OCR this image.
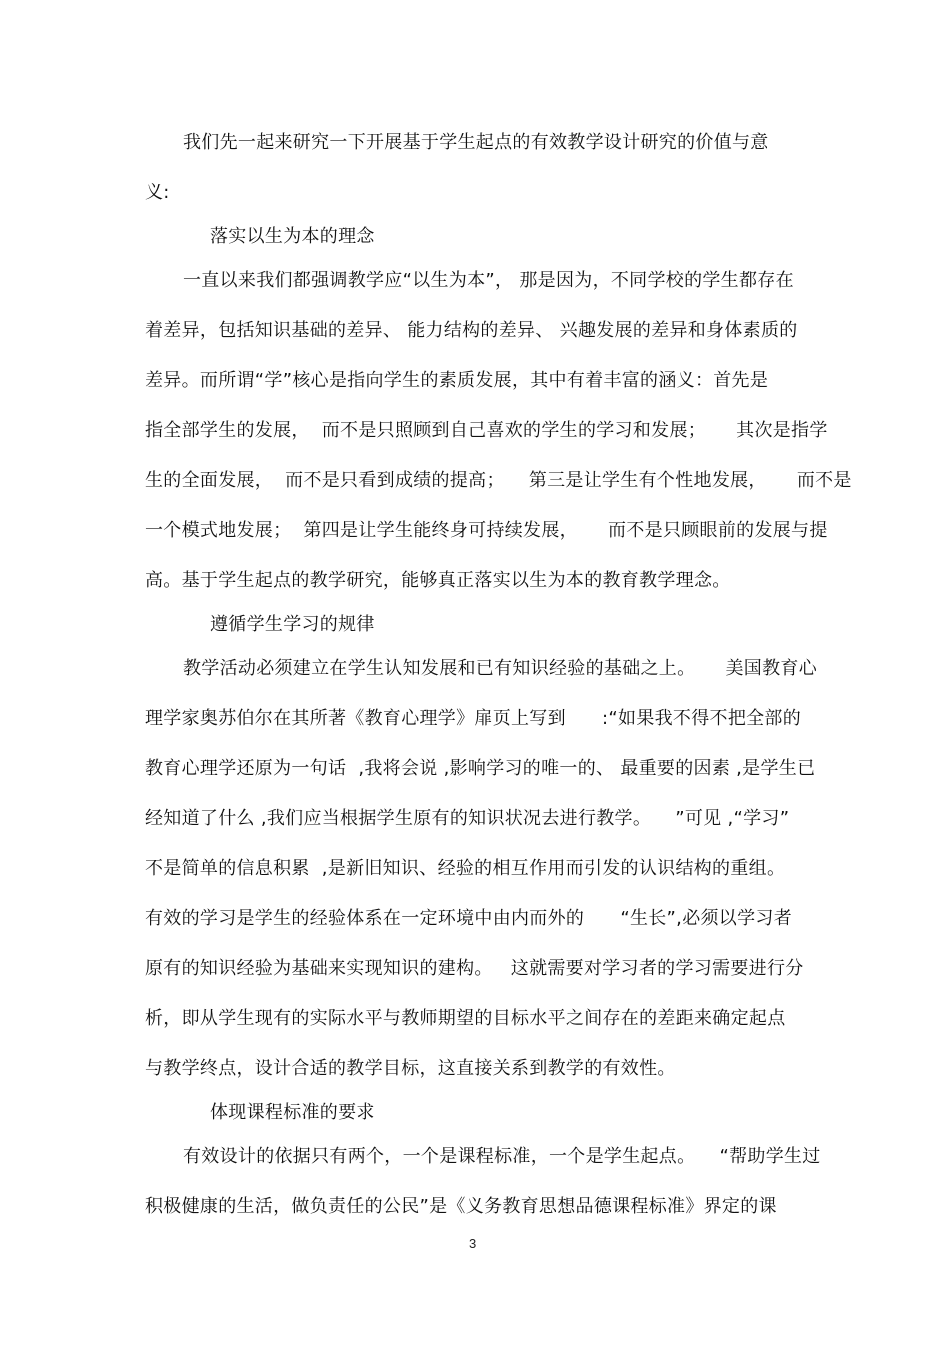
我们先一起来研究一下开展基于学生起点的有效教学设计研究的价值与意
义:
落实以生为本的理念
一直以来我们都强调教学应“以生为本”， 那是因为，不同学校的学生都存在
着差异，包括知识基础的差异、 能力结构的差异、 兴趣发展的差异和身体素质的
差异。而所谓“学”核心是指向学生的素质发展，其中有着丰富的涵义：首先是
指全部学生的发展，  而不是只照顾到自己喜欢的学生的学习和发展；     其次是指学
生的全面发展，  而不是只看到成绩的提高；    第三是让学生有个性地发展，     而不是
一个模式地发展；  第四是让学生能终身可持续发展，     而不是只顾眼前的发展与提
高。基于学生起点的教学研究，能够真正落实以生为本的教育教学理念。
遵循学生学习的规律
教学活动必须建立在学生认知发展和已有知识经验的基础之上。     美国教育心
理学家奥苏伯尔在其所著《教育心理学》扉页上写到      :“如果我不得不把全部的
教育心理学还原为一句话  ,我将会说 ,影响学习的唯一的、 最重要的因素 ,是学生已
经知道了什么 ,我们应当根据学生原有的知识状况去进行教学。    ”可见 ,“学习”
不是简单的信息积累  ,是新旧知识、经验的相互作用而引发的认识结构的重组。
有效的学习是学生的经验体系在一定环境中由内而外的      “生长”,必须以学习者
原有的知识经验为基础来实现知识的建构。   这就需要对学习者的学习需要进行分
析，即从学生现有的实际水平与教师期望的目标水平之间存在的差距来确定起点
与教学终点，设计合适的教学目标，这直接关系到教学的有效性。
体现课程标准的要求
有效设计的依据只有两个，一个是课程标准，一个是学生起点。    “帮助学生过
积极健康的生活，做负责任的公民”是《义务教育思想品德课程标准》界定的课
3
